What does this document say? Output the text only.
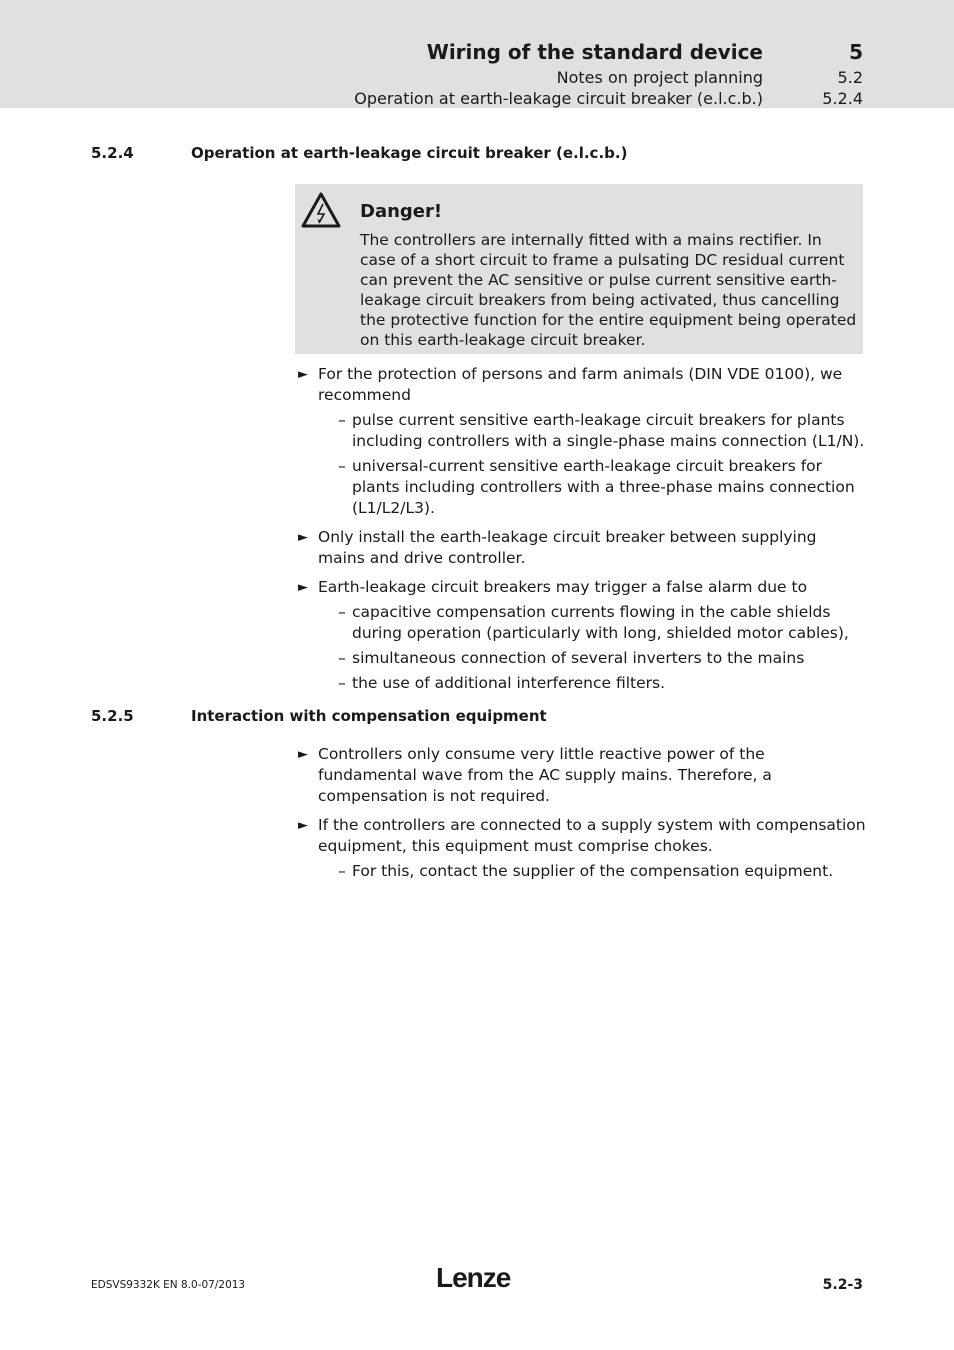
Wiring of the standard device	5
Notes on project planning	5.2
Operation at earth-leakage circuit breaker (e.l.c.b.)	5.2.4
5.2.4	Operation at earth-leakage circuit breaker (e.l.c.b.)
Danger!
The controllers are internally fitted with a mains rectifier. In case of a short circuit to frame a pulsating DC residual current can prevent the AC sensitive or pulse current sensitive earth-leakage circuit breakers from being activated, thus cancelling the protective function for the entire equipment being operated on this earth-leakage circuit breaker.
► For the protection of persons and farm animals (DIN VDE 0100), we recommend
– pulse current sensitive earth-leakage circuit breakers for plants including controllers with a single-phase mains connection (L1/N).
– universal-current sensitive earth-leakage circuit breakers for plants including controllers with a three-phase mains connection (L1/L2/L3).
► Only install the earth-leakage circuit breaker between supplying mains and drive controller.
► Earth-leakage circuit breakers may trigger a false alarm due to
– capacitive compensation currents flowing in the cable shields during operation (particularly with long, shielded motor cables),
– simultaneous connection of several inverters to the mains
– the use of additional interference filters.
5.2.5	Interaction with compensation equipment
► Controllers only consume very little reactive power of the fundamental wave from the AC supply mains. Therefore, a compensation is not required.
► If the controllers are connected to a supply system with compensation equipment, this equipment must comprise chokes.
– For this, contact the supplier of the compensation equipment.
EDSVS9332K EN 8.0-07/2013	Lenze	5.2-3
